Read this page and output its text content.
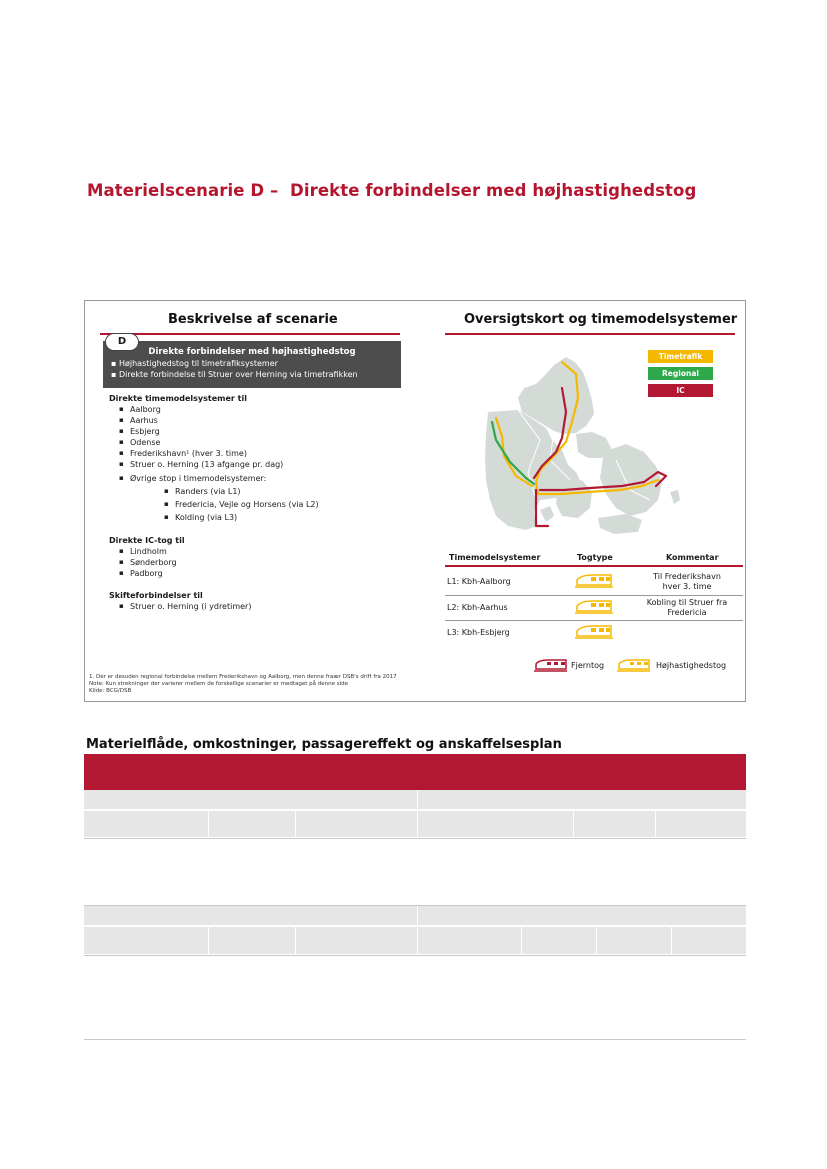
Materielscenarie D –  Direkte forbindelser med højhastighedstog
Beskrivelse af scenarie
Direkte forbindelser med højhastighedstog
▪ Højhastighedstog til timetrafiksystemer
▪ Direkte forbindelse til Struer over Herning via timetrafikken
D
Direkte timemodelsystemer til
▪ Aalborg
▪ Aarhus
▪ Esbjerg
▪ Odense
▪ Frederikshavn¹ (hver 3. time)
▪ Struer o. Herning (13 afgange pr. dag)
▪ Øvrige stop i timemodelsystemer:
▪ Randers (via L1)
▪ Fredericia, Vejle og Horsens (via L2)
▪ Kolding (via L3)
Direkte IC-tog til
▪ Lindholm
▪ Sønderborg
▪ Padborg
Skifteforbindelser til
▪ Struer o. Herning (i ydretimer)
1. Der er desuden regional forbindelse mellem Frederikshavn og Aalborg, men denne fraær DSB's drift fra 2017
Note: Kun strekninger der varierer mellem de forskellige scenarier er medtaget på denne side
Kilde: BCG/DSB
Oversigtskort og timemodelsystemer
Timetrafik
Regional
IC
Timemodelsystemer	Togtype	Kommentar
L1: Kbh-Aalborg
Til Frederikshavn
hver 3. time
L2: Kbh-Aarhus
Kobling til Struer fra
Fredericia
L3: Kbh-Esbjerg
Fjerntog	Højhastighedstog
Materielflåde, omkostninger, passagereffekt og anskaffelsesplan
